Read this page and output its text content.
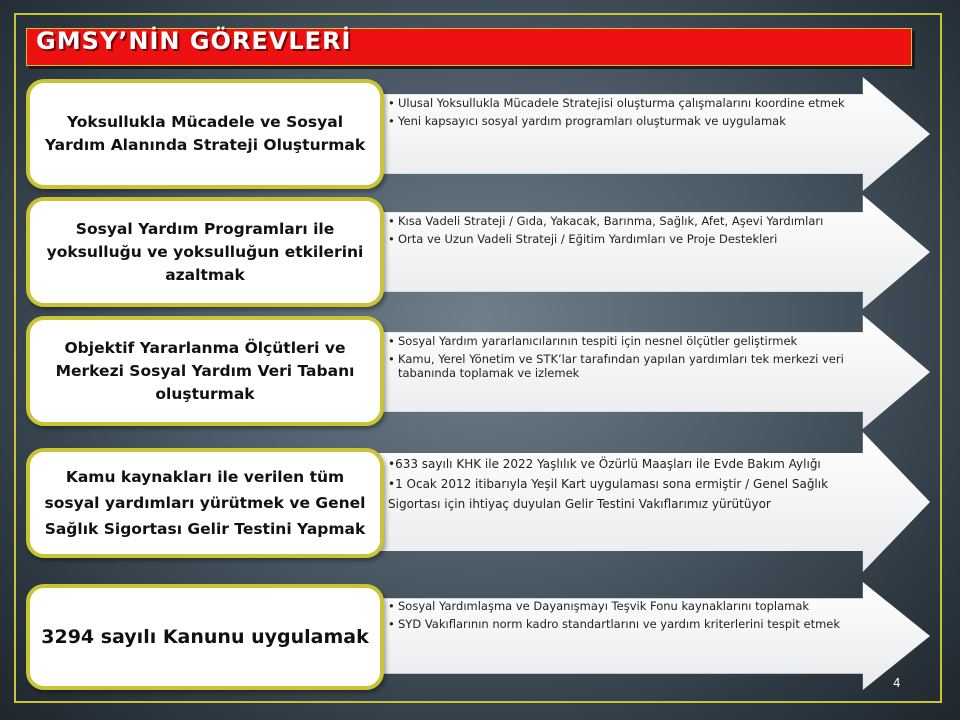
GMSY’NİN GÖREVLERİ
• Ulusal Yoksullukla Mücadele Stratejisi oluşturma çalışmalarını koordine etmek
• Yeni kapsayıcı sosyal yardım programları oluşturmak ve uygulamak
Yoksullukla Mücadele ve Sosyal Yardım Alanında Strateji Oluşturmak
• Kısa Vadeli Strateji / Gıda, Yakacak, Barınma, Sağlık, Afet, Aşevi Yardımları
• Orta ve Uzun Vadeli Strateji / Eğitim Yardımları ve Proje Destekleri
Sosyal Yardım Programları ile yoksulluğu ve yoksulluğun etkilerini azaltmak
• Sosyal Yardım yararlanıcılarının tespiti için nesnel ölçütler geliştirmek
• Kamu, Yerel Yönetim ve STK’lar tarafından yapılan yardımları tek merkezi veri tabanında toplamak ve izlemek
Objektif Yararlanma Ölçütleri ve Merkezi Sosyal Yardım Veri Tabanı oluşturmak
•633 sayılı KHK ile 2022 Yaşlılık ve Özürlü Maaşları ile Evde Bakım Aylığı
•1 Ocak 2012 itibarıyla Yeşil Kart uygulaması sona ermiştir / Genel Sağlık Sigortası için ihtiyaç duyulan Gelir Testini Vakıflarımız yürütüyor
Kamu kaynakları ile verilen tüm sosyal yardımları yürütmek ve Genel Sağlık Sigortası Gelir Testini Yapmak
• Sosyal Yardımlaşma ve Dayanışmayı Teşvik Fonu kaynaklarını toplamak
• SYD Vakıflarının norm kadro standartlarını ve yardım kriterlerini tespit etmek
3294 sayılı Kanunu uygulamak
4
